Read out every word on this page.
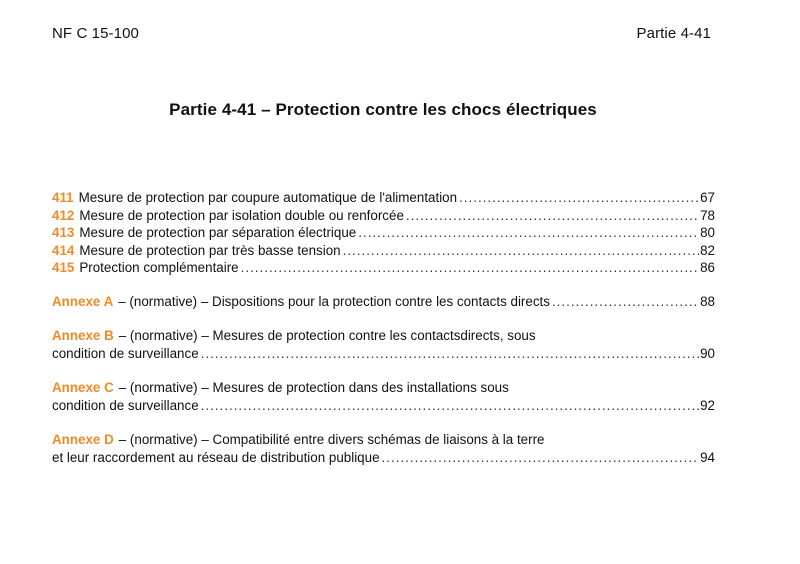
NF C 15-100	Partie 4-41
Partie 4-41 – Protection contre les chocs électriques
411 Mesure de protection par coupure automatique de l'alimentation .....	67
412 Mesure de protection par isolation double ou renforcée .....	78
413 Mesure de protection par séparation électrique .....	80
414 Mesure de protection par très basse tension .....	82
415 Protection complémentaire .....	86
Annexe A – (normative) – Dispositions pour la protection contre les contacts directs .....	88
Annexe B – (normative) – Mesures de protection contre les contactsdirects, sous
condition de surveillance .....	90
Annexe C – (normative) – Mesures de protection dans des installations sous
condition de surveillance .....	92
Annexe D – (normative) – Compatibilité entre divers schémas de liaisons à la terre
et leur raccordement au réseau de distribution publique .....	94
